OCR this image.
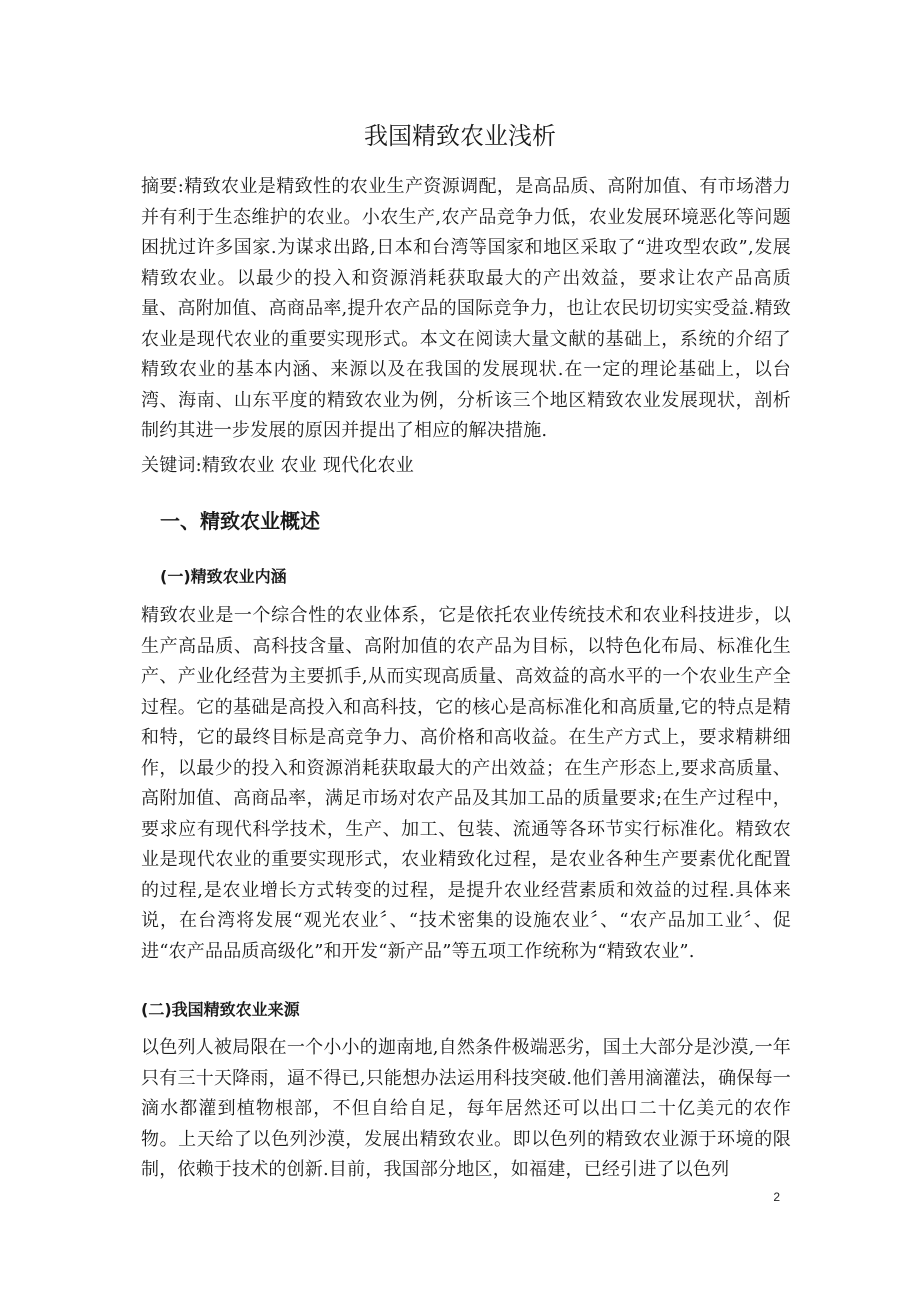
我国精致农业浅析

摘要:精致农业是精致性的农业生产资源调配，是高品质、高附加值、有市场潜力并有利于生态维护的农业。小农生产,农产品竞争力低，农业发展环境恶化等问题困扰过许多国家.为谋求出路,日本和台湾等国家和地区采取了“进攻型农政”,发展精致农业。以最少的投入和资源消耗获取最大的产出效益，要求让农产品高质量、高附加值、高商品率,提升农产品的国际竞争力，也让农民切切实实受益.精致农业是现代农业的重要实现形式。本文在阅读大量文献的基础上，系统的介绍了精致农业的基本内涵、来源以及在我国的发展现状.在一定的理论基础上，以台湾、海南、山东平度的精致农业为例，分析该三个地区精致农业发展现状，剖析制约其进一步发展的原因并提出了相应的解决措施.

关键词:精致农业 农业 现代化农业

一、精致农业概述
(一)精致农业内涵

精致农业是一个综合性的农业体系，它是依托农业传统技术和农业科技进步，以生产高品质、高科技含量、高附加值的农产品为目标，以特色化布局、标准化生产、产业化经营为主要抓手,从而实现高质量、高效益的高水平的一个农业生产全过程。它的基础是高投入和高科技，它的核心是高标准化和高质量,它的特点是精和特，它的最终目标是高竞争力、高价格和高收益。在生产方式上，要求精耕细作，以最少的投入和资源消耗获取最大的产出效益；在生产形态上,要求高质量、高附加值、高商品率，满足市场对农产品及其加工品的质量要求;在生产过程中，要求应有现代科学技术，生产、加工、包装、流通等各环节实行标准化。精致农业是现代农业的重要实现形式，农业精致化过程，是农业各种生产要素优化配置的过程,是农业增长方式转变的过程，是提升农业经营素质和效益的过程.具体来说，在台湾将发展“观光农业〞、“技术密集的设施农业〞、“农产品加工业〞、促进“农产品品质高级化”和开发“新产品”等五项工作统称为“精致农业”.

(二)我国精致农业来源

以色列人被局限在一个小小的迦南地,自然条件极端恶劣，国土大部分是沙漠,一年只有三十天降雨，逼不得已,只能想办法运用科技突破.他们善用滴灌法，确保每一滴水都灌到植物根部，不但自给自足，每年居然还可以出口二十亿美元的农作物。上天给了以色列沙漠，发展出精致农业。即以色列的精致农业源于环境的限制，依赖于技术的创新.目前，我国部分地区，如福建，已经引进了以色列

2
